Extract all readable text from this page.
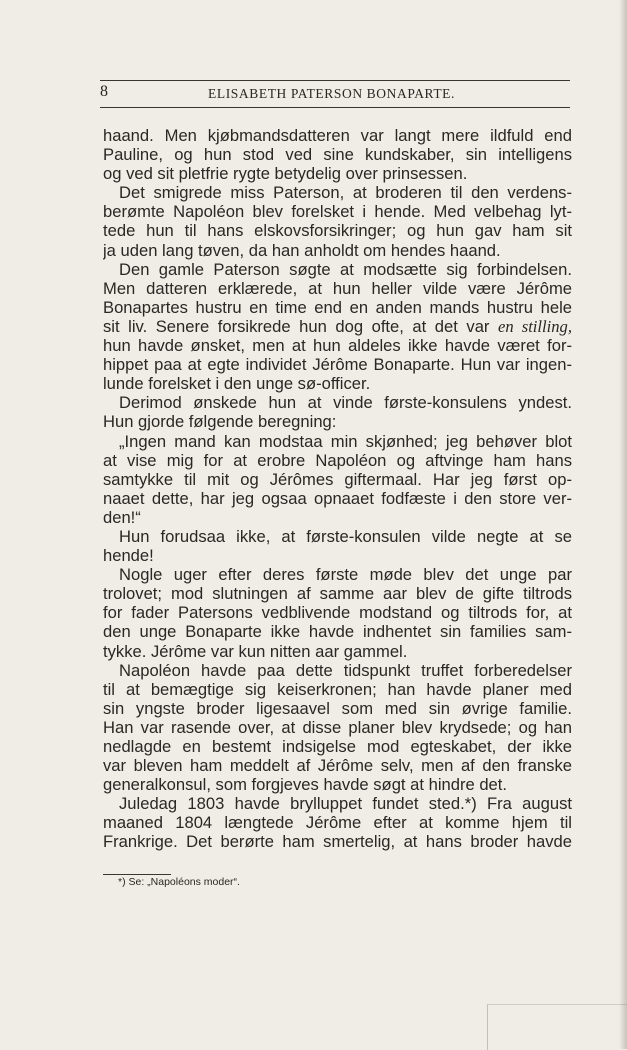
8	ELISABETH PATERSON BONAPARTE.
haand. Men kjøbmandsdatteren var langt mere ildfuld end
Pauline, og hun stod ved sine kundskaber, sin intelligens
og ved sit pletfrie rygte betydelig over prinsessen.
Det smigrede miss Paterson, at broderen til den verdens-
berømte Napoléon blev forelsket i hende. Med velbehag lyt-
tede hun til hans elskovsforsikringer; og hun gav ham sit
ja uden lang tøven, da han anholdt om hendes haand.
Den gamle Paterson søgte at modsætte sig forbindelsen.
Men datteren erklærede, at hun heller vilde være Jérôme
Bonapartes hustru en time end en anden mands hustru hele
sit liv. Senere forsikrede hun dog ofte, at det var en stilling,
hun havde ønsket, men at hun aldeles ikke havde været for-
hippet paa at egte individet Jérôme Bonaparte. Hun var ingen-
lunde forelsket i den unge sø-officer.
Derimod ønskede hun at vinde første-konsulens yndest.
Hun gjorde følgende beregning:
„Ingen mand kan modstaa min skjønhed; jeg behøver blot
at vise mig for at erobre Napoléon og aftvinge ham hans
samtykke til mit og Jérômes giftermaal. Har jeg først op-
naaet dette, har jeg ogsaa opnaaet fodfæste i den store ver-
den!“
Hun forudsaa ikke, at første-konsulen vilde negte at se
hende!
Nogle uger efter deres første møde blev det unge par
trolovet; mod slutningen af samme aar blev de gifte tiltrods
for fader Patersons vedblivende modstand og tiltrods for, at
den unge Bonaparte ikke havde indhentet sin families sam-
tykke. Jérôme var kun nitten aar gammel.
Napoléon havde paa dette tidspunkt truffet forberedelser
til at bemægtige sig keiserkronen; han havde planer med
sin yngste broder ligesaavel som med sin øvrige familie.
Han var rasende over, at disse planer blev krydsede; og han
nedlagde en bestemt indsigelse mod egteskabet, der ikke
var bleven ham meddelt af Jérôme selv, men af den franske
generalkonsul, som forgjeves havde søgt at hindre det.
Juledag 1803 havde brylluppet fundet sted.*) Fra august
maaned 1804 længtede Jérôme efter at komme hjem til
Frankrige. Det berørte ham smertelig, at hans broder havde
*) Se: „Napoléons moder“.
